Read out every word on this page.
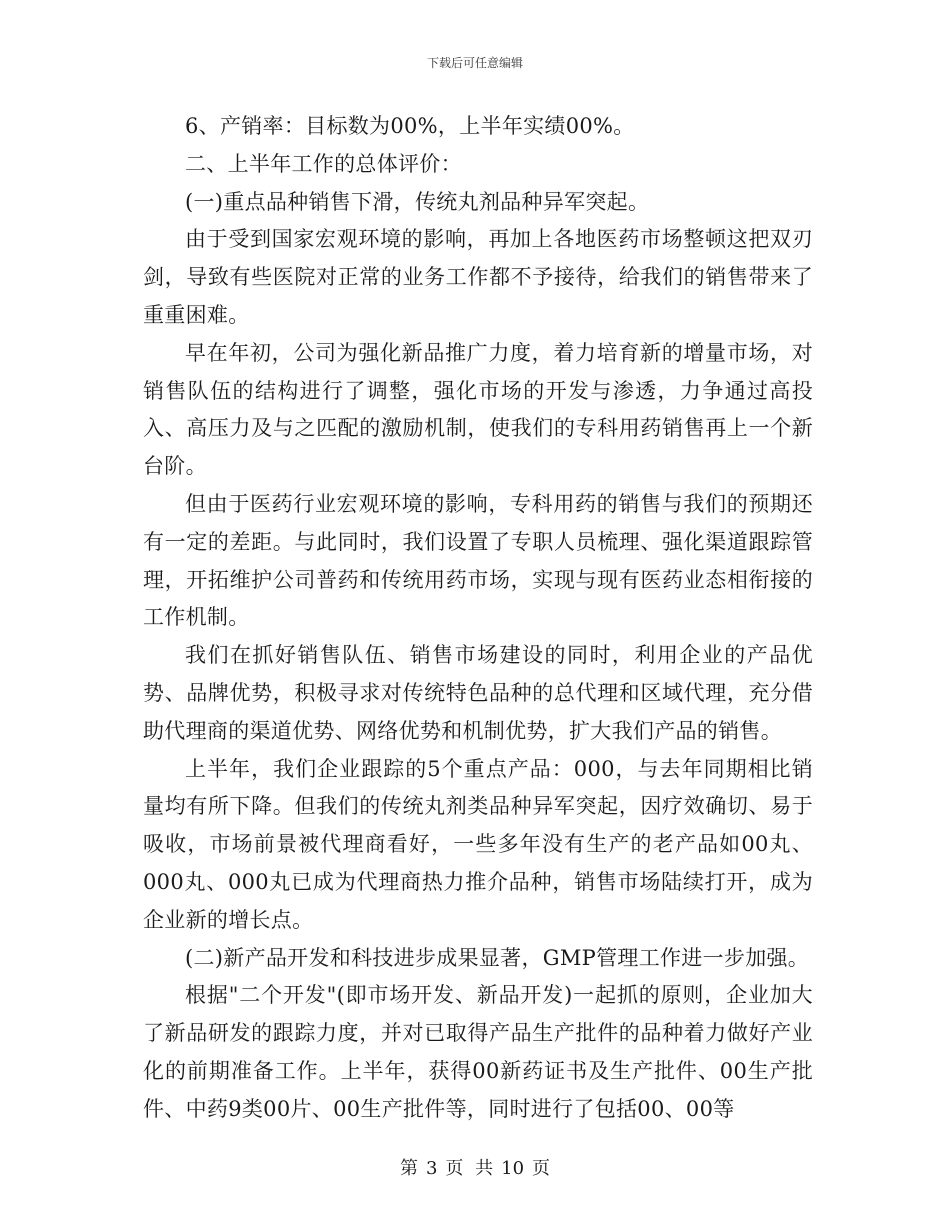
下载后可任意编辑

6、产销率：目标数为00%，上半年实绩00%。

二、上半年工作的总体评价：

(一)重点品种销售下滑，传统丸剂品种异军突起。

由于受到国家宏观环境的影响，再加上各地医药市场整顿这把双刃剑，导致有些医院对正常的业务工作都不予接待，给我们的销售带来了重重困难。

早在年初，公司为强化新品推广力度，着力培育新的增量市场，对销售队伍的结构进行了调整，强化市场的开发与渗透，力争通过高投入、高压力及与之匹配的激励机制，使我们的专科用药销售再上一个新台阶。

但由于医药行业宏观环境的影响，专科用药的销售与我们的预期还有一定的差距。与此同时，我们设置了专职人员梳理、强化渠道跟踪管理，开拓维护公司普药和传统用药市场，实现与现有医药业态相衔接的工作机制。

我们在抓好销售队伍、销售市场建设的同时，利用企业的产品优势、品牌优势，积极寻求对传统特色品种的总代理和区域代理，充分借助代理商的渠道优势、网络优势和机制优势，扩大我们产品的销售。

上半年，我们企业跟踪的5个重点产品：000，与去年同期相比销量均有所下降。但我们的传统丸剂类品种异军突起，因疗效确切、易于吸收，市场前景被代理商看好，一些多年没有生产的老产品如00丸、000丸、000丸已成为代理商热力推介品种，销售市场陆续打开，成为企业新的增长点。

(二)新产品开发和科技进步成果显著，GMP管理工作进一步加强。

根据"二个开发"(即市场开发、新品开发)一起抓的原则，企业加大了新品研发的跟踪力度，并对已取得产品生产批件的品种着力做好产业化的前期准备工作。上半年，获得00新药证书及生产批件、00生产批件、中药9类00片、00生产批件等，同时进行了包括00、00等

第 3 页 共 10 页
